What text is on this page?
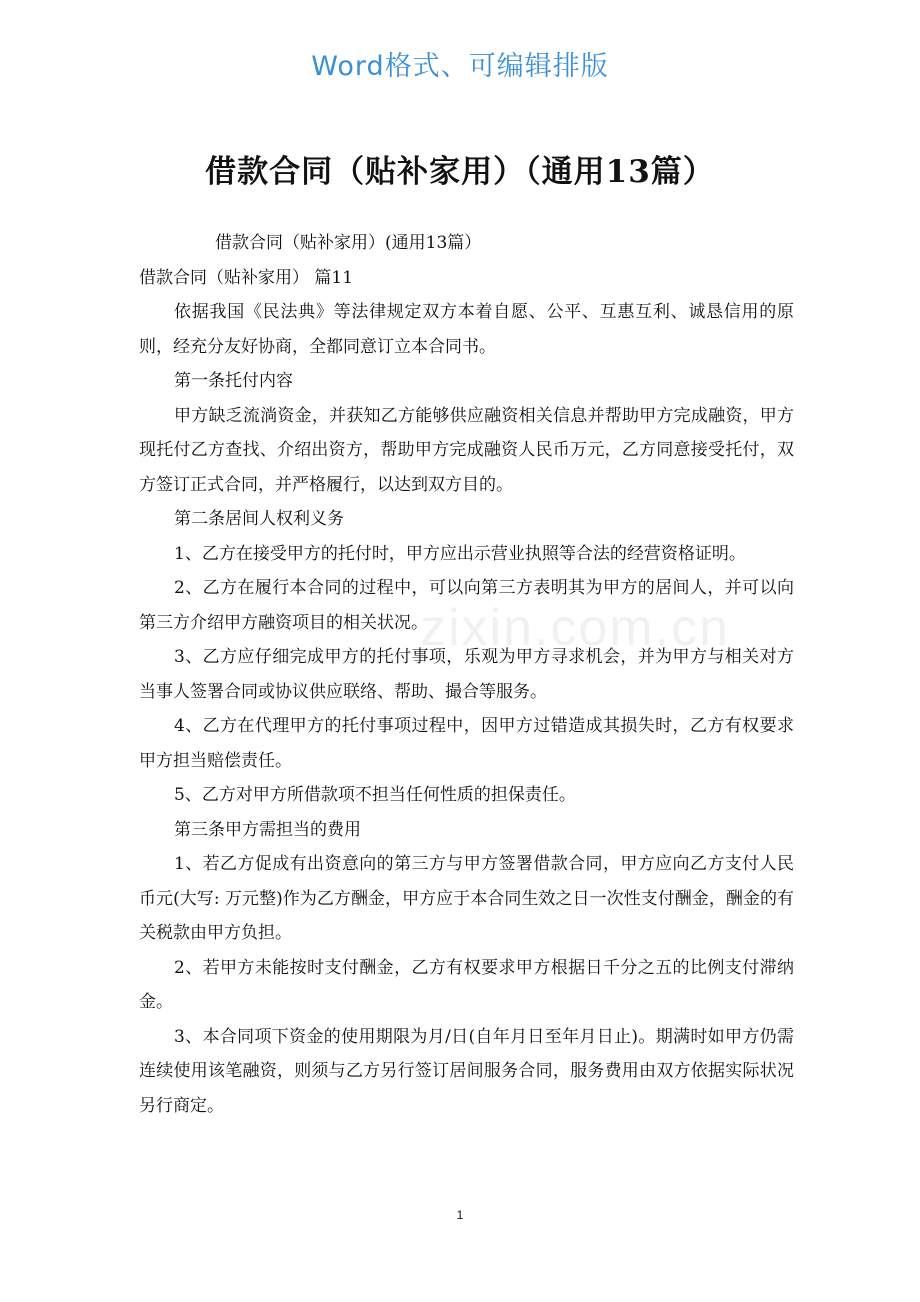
Word格式、可编辑排版
借款合同（贴补家用）（通用13篇）
zixin.com.cn

借款合同（贴补家用）(通用13篇）

借款合同（贴补家用） 篇11

依据我国《民法典》等法律规定双方本着自愿、公平、互惠互利、诚恳信用的原则，经充分友好协商，全都同意订立本合同书。

第一条托付内容

甲方缺乏流淌资金，并获知乙方能够供应融资相关信息并帮助甲方完成融资，甲方现托付乙方查找、介绍出资方，帮助甲方完成融资人民币万元，乙方同意接受托付，双方签订正式合同，并严格履行，以达到双方目的。

第二条居间人权利义务

1、乙方在接受甲方的托付时，甲方应出示营业执照等合法的经营资格证明。

2、乙方在履行本合同的过程中，可以向第三方表明其为甲方的居间人，并可以向第三方介绍甲方融资项目的相关状况。

3、乙方应仔细完成甲方的托付事项，乐观为甲方寻求机会，并为甲方与相关对方当事人签署合同或协议供应联络、帮助、撮合等服务。

4、乙方在代理甲方的托付事项过程中，因甲方过错造成其损失时，乙方有权要求甲方担当赔偿责任。

5、乙方对甲方所借款项不担当任何性质的担保责任。

第三条甲方需担当的费用

1、若乙方促成有出资意向的第三方与甲方签署借款合同，甲方应向乙方支付人民币元(大写: 万元整)作为乙方酬金，甲方应于本合同生效之日一次性支付酬金，酬金的有关税款由甲方负担。

2、若甲方未能按时支付酬金，乙方有权要求甲方根据日千分之五的比例支付滞纳金。

3、本合同项下资金的使用期限为月/日(自年月日至年月日止)。期满时如甲方仍需连续使用该笔融资，则须与乙方另行签订居间服务合同，服务费用由双方依据实际状况另行商定。

1
